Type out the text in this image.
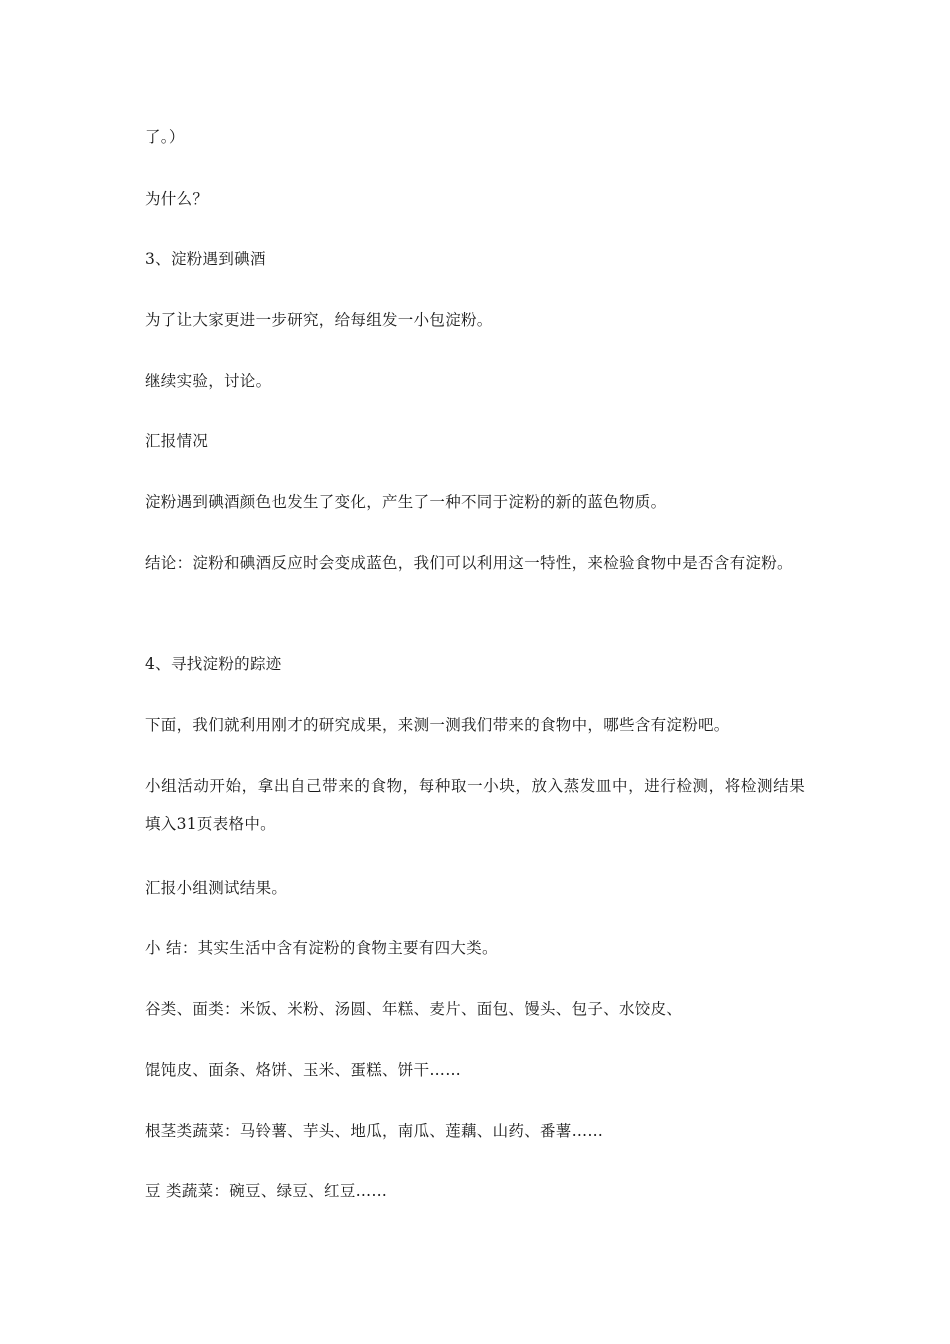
了。）

为什么？

3、淀粉遇到碘酒

为了让大家更进一步研究，给每组发一小包淀粉。

继续实验，讨论。

汇报情况

淀粉遇到碘酒颜色也发生了变化，产生了一种不同于淀粉的新的蓝色物质。

结论：淀粉和碘酒反应时会变成蓝色，我们可以利用这一特性，来检验食物中是否含有淀粉。

4、寻找淀粉的踪迹

下面，我们就利用刚才的研究成果，来测一测我们带来的食物中，哪些含有淀粉吧。

小组活动开始，拿出自己带来的食物，每种取一小块，放入蒸发皿中，进行检测，将检测结果填入31页表格中。

汇报小组测试结果。

小 结：其实生活中含有淀粉的食物主要有四大类。

谷类、面类：米饭、米粉、汤圆、年糕、麦片、面包、馒头、包子、水饺皮、

馄饨皮、面条、烙饼、玉米、蛋糕、饼干……

根茎类蔬菜：马铃薯、芋头、地瓜，南瓜、莲藕、山药、番薯……

豆 类蔬菜：碗豆、绿豆、红豆……
